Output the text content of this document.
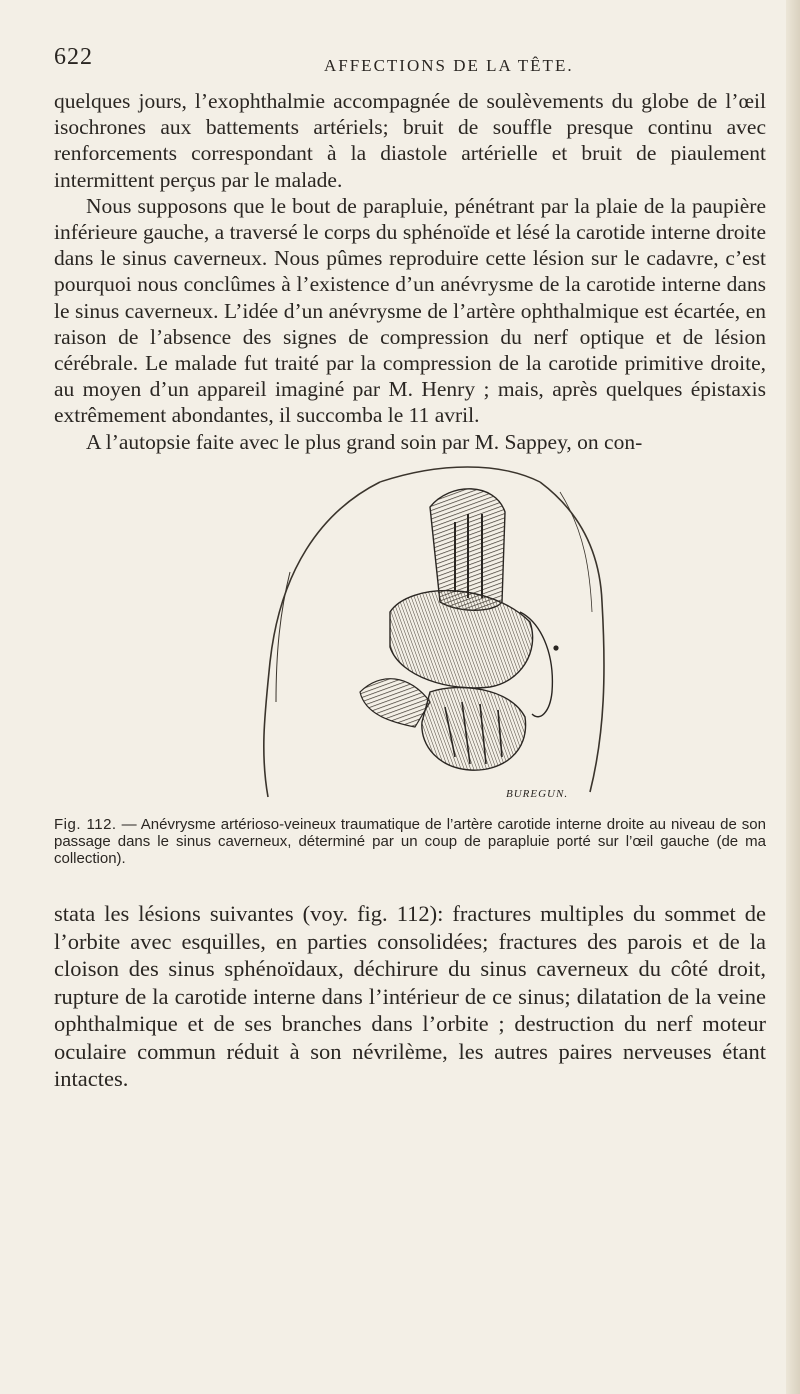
622	AFFECTIONS DE LA TÊTE.

quelques jours, l’exophthalmie accompagnée de soulèvements du globe de l’œil isochrones aux battements artériels; bruit de souffle presque continu avec renforcements correspondant à la diastole artérielle et bruit de piaulement intermittent perçus par le malade.

Nous supposons que le bout de parapluie, pénétrant par la plaie de la paupière inférieure gauche, a traversé le corps du sphénoïde et lésé la carotide interne droite dans le sinus caverneux. Nous pûmes reproduire cette lésion sur le cadavre, c’est pourquoi nous conclûmes à l’existence d’un anévrysme de la carotide interne dans le sinus caverneux. L’idée d’un anévrysme de l’artère ophthalmique est écartée, en raison de l’absence des signes de compression du nerf optique et de lésion cérébrale. Le malade fut traité par la compression de la carotide primitive droite, au moyen d’un appareil imaginé par M. Henry ; mais, après quelques épistaxis extrêmement abondantes, il succomba le 11 avril.

A l’autopsie faite avec le plus grand soin par M. Sappey, on con-

BUREGUN.

Fig. 112. — Anévrysme artérioso-veineux traumatique de l’artère carotide interne droite au niveau de son passage dans le sinus caverneux, déterminé par un coup de parapluie porté sur l’œil gauche (de ma collection).

stata les lésions suivantes (voy. fig. 112): fractures multiples du sommet de l’orbite avec esquilles, en parties consolidées; fractures des parois et de la cloison des sinus sphénoïdaux, déchirure du sinus caverneux du côté droit, rupture de la carotide interne dans l’intérieur de ce sinus; dilatation de la veine ophthalmique et de ses branches dans l’orbite ; destruction du nerf moteur oculaire commun réduit à son névrilème, les autres paires nerveuses étant intactes.
